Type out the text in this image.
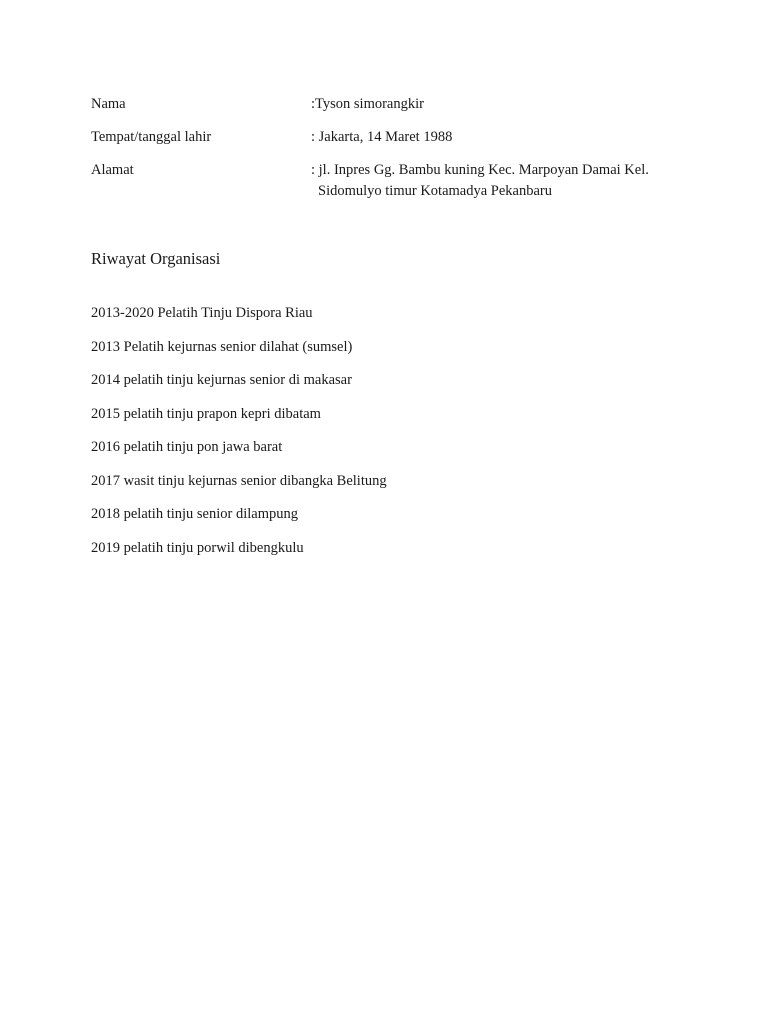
Nama	:Tyson simorangkir
Tempat/tanggal lahir	: Jakarta, 14 Maret 1988
Alamat	: jl. Inpres Gg. Bambu kuning Kec. Marpoyan Damai Kel.
Sidomulyo timur Kotamadya Pekanbaru
Riwayat Organisasi
2013-2020 Pelatih Tinju Dispora Riau
2013 Pelatih kejurnas senior dilahat (sumsel)
2014 pelatih tinju kejurnas senior di makasar
2015 pelatih tinju prapon kepri dibatam
2016 pelatih tinju pon jawa barat
2017 wasit tinju kejurnas senior dibangka Belitung
2018 pelatih tinju senior dilampung
2019 pelatih tinju porwil dibengkulu
